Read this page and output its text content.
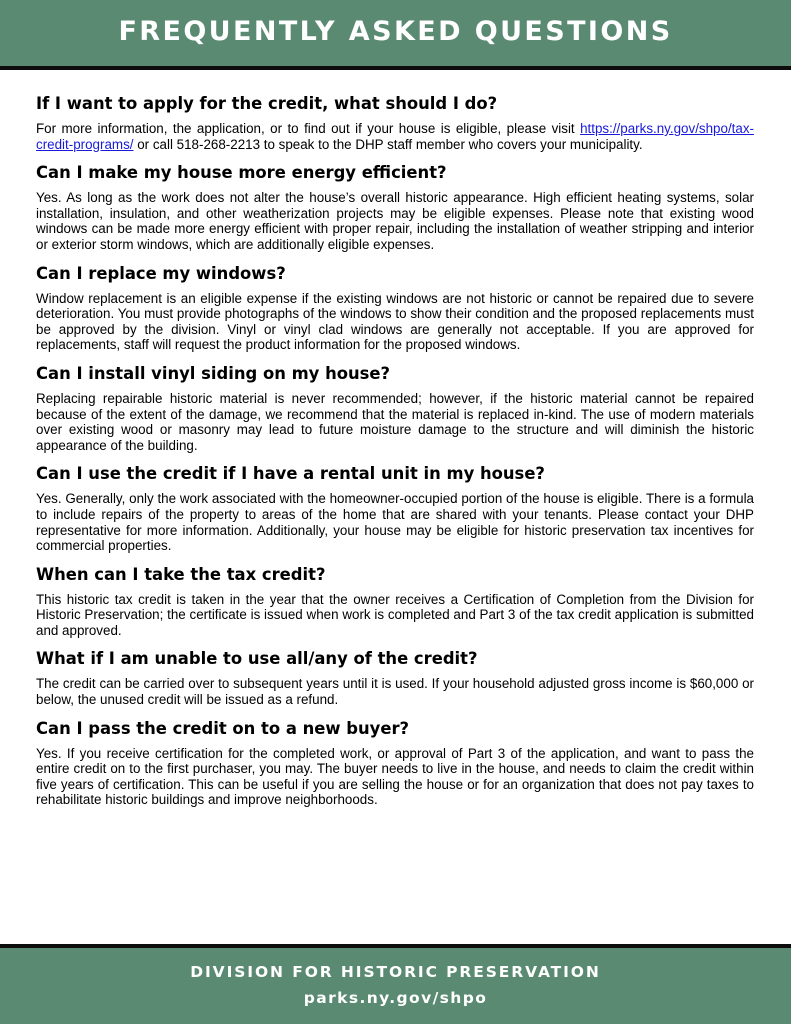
FREQUENTLY ASKED QUESTIONS
If I want to apply for the credit, what should I do?

For more information, the application, or to find out if your house is eligible, please visit https://parks.ny.gov/shpo/tax-credit-programs/ or call 518-268-2213 to speak to the DHP staff member who covers your municipality.

Can I make my house more energy efficient?

Yes. As long as the work does not alter the house’s overall historic appearance. High efficient heating systems, solar installation, insulation, and other weatherization projects may be eligible expenses. Please note that existing wood windows can be made more energy efficient with proper repair, including the installation of weather stripping and interior or exterior storm windows, which are additionally eligible expenses.

Can I replace my windows?

Window replacement is an eligible expense if the existing windows are not historic or cannot be repaired due to severe deterioration. You must provide photographs of the windows to show their condition and the proposed replacements must be approved by the division. Vinyl or vinyl clad windows are generally not acceptable. If you are approved for replacements, staff will request the product information for the proposed windows.

Can I install vinyl siding on my house?

Replacing repairable historic material is never recommended; however, if the historic material cannot be repaired because of the extent of the damage, we recommend that the material is replaced in-kind. The use of modern materials over existing wood or masonry may lead to future moisture damage to the structure and will diminish the historic appearance of the building.

Can I use the credit if I have a rental unit in my house?

Yes. Generally, only the work associated with the homeowner-occupied portion of the house is eligible. There is a formula to include repairs of the property to areas of the home that are shared with your tenants. Please contact your DHP representative for more information. Additionally, your house may be eligible for historic preservation tax incentives for commercial properties.

When can I take the tax credit?

This historic tax credit is taken in the year that the owner receives a Certification of Completion from the Division for Historic Preservation; the certificate is issued when work is completed and Part 3 of the tax credit application is submitted and approved.

What if I am unable to use all/any of the credit?

The credit can be carried over to subsequent years until it is used. If your household adjusted gross income is $60,000 or below, the unused credit will be issued as a refund.

Can I pass the credit on to a new buyer?

Yes. If you receive certification for the completed work, or approval of Part 3 of the application, and want to pass the entire credit on to the first purchaser, you may. The buyer needs to live in the house, and needs to claim the credit within five years of certification. This can be useful if you are selling the house or for an organization that does not pay taxes to rehabilitate historic buildings and improve neighborhoods.

DIVISION FOR HISTORIC PRESERVATION
parks.ny.gov/shpo
